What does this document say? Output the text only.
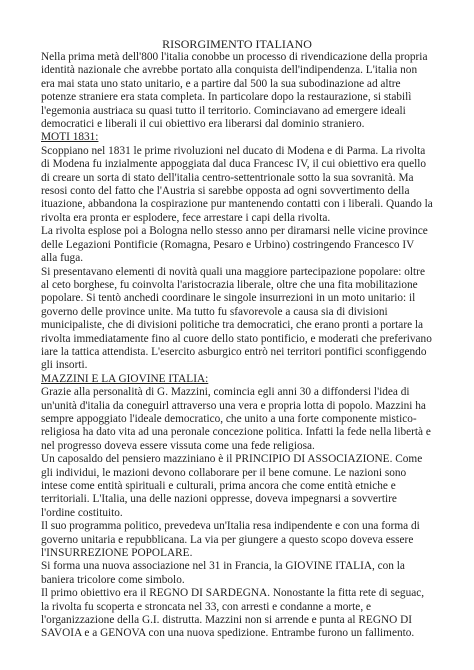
RISORGIMENTO ITALIANO

Nella prima metà dell'800 l'italia conobbe un processo di rivendicazione della propria identità nazionale che avrebbe portato alla conquista dell'indipendenza. L'italia non era mai stata uno stato unitario, e a partire dal 500 la sua subodinazione ad altre potenze straniere era stata completa. In particolare dopo la restaurazione, si stabilì l'egemonia austriaca su quasi tutto il territorio. Cominciavano ad emergere ideali democratici e liberali il cui obiettivo era liberarsi dal dominio straniero.

MOTI 1831:

Scoppiano nel 1831 le prime rivoluzioni nel ducato di Modena e di Parma. La rivolta di Modena fu inzialmente appoggiata dal duca Francesc IV, il cui obiettivo era quello di creare un sorta di stato dell'italia centro-settentrionale sotto la sua sovranità. Ma resosi conto del fatto che l'Austria si sarebbe opposta ad ogni sovvertimento della ituazione, abbandona la cospirazione pur mantenendo contatti con i liberali. Quando la rivolta era pronta er esplodere, fece arrestare i capi della rivolta.

La rivolta esplose poi a Bologna nello stesso anno per diramarsi nelle vicine province delle Legazioni Pontificie (Romagna, Pesaro e Urbino) costringendo Francesco IV alla fuga.

Si presentavano elementi di novità quali una maggiore partecipazione popolare: oltre al ceto borghese, fu coinvolta l'aristocrazia liberale, oltre che una fita mobilitazione popolare. Si tentò anchedi coordinare le singole insurrezioni in un moto unitario: il governo delle province unite. Ma tutto fu sfavorevole a causa sia di divisioni municipaliste, che di divisioni politiche tra democratici, che erano pronti a portare la rivolta immediatamente fino al cuore dello stato pontificio, e moderati che preferivano iare la tattica attendista. L'esercito asburgico entrò nei territori pontifici sconfiggendo gli insorti.

MAZZINI E LA GIOVINE ITALIA:

Grazie alla personalità di G. Mazzini, comincia egli anni 30 a diffondersi l'idea di un'unità d'italia da coneguirl attraverso una vera e propria lotta di popolo. Mazzini ha sempre appoggiato l'ideale democratico, che unito a una forte componente mistico-religiosa ha dato vita ad una peronale concezione politica. Infatti la fede nella libertà e nel progresso doveva essere vissuta come una fede religiosa.

Un caposaldo del pensiero mazziniano è il PRINCIPIO DI ASSOCIAZIONE. Come gli individui, le mazioni devono collaborare per il bene comune. Le nazioni sono intese come entità spirituali e culturali, prima ancora che come entità etniche e territoriali. L'Italia, una delle nazioni oppresse, doveva impegnarsi a sovvertire l'ordine costituito.

Il suo programma politico, prevedeva un'Italia resa indipendente e con una forma di governo unitaria e repubblicana. La via per giungere a questo scopo doveva essere l'INSURREZIONE POPOLARE.

Si forma una nuova associazione nel 31 in Francia, la GIOVINE ITALIA, con la baniera tricolore come simbolo.

Il primo obiettivo era il REGNO DI SARDEGNA. Nonostante la fitta rete di seguac, la rivolta fu scoperta e stroncata nel 33, con arresti e condanne a morte, e l'organizzazione della G.I. distrutta. Mazzini non si arrende e punta al REGNO DI SAVOIA e a GENOVA con una nuova spedizione. Entrambe furono un fallimento.
